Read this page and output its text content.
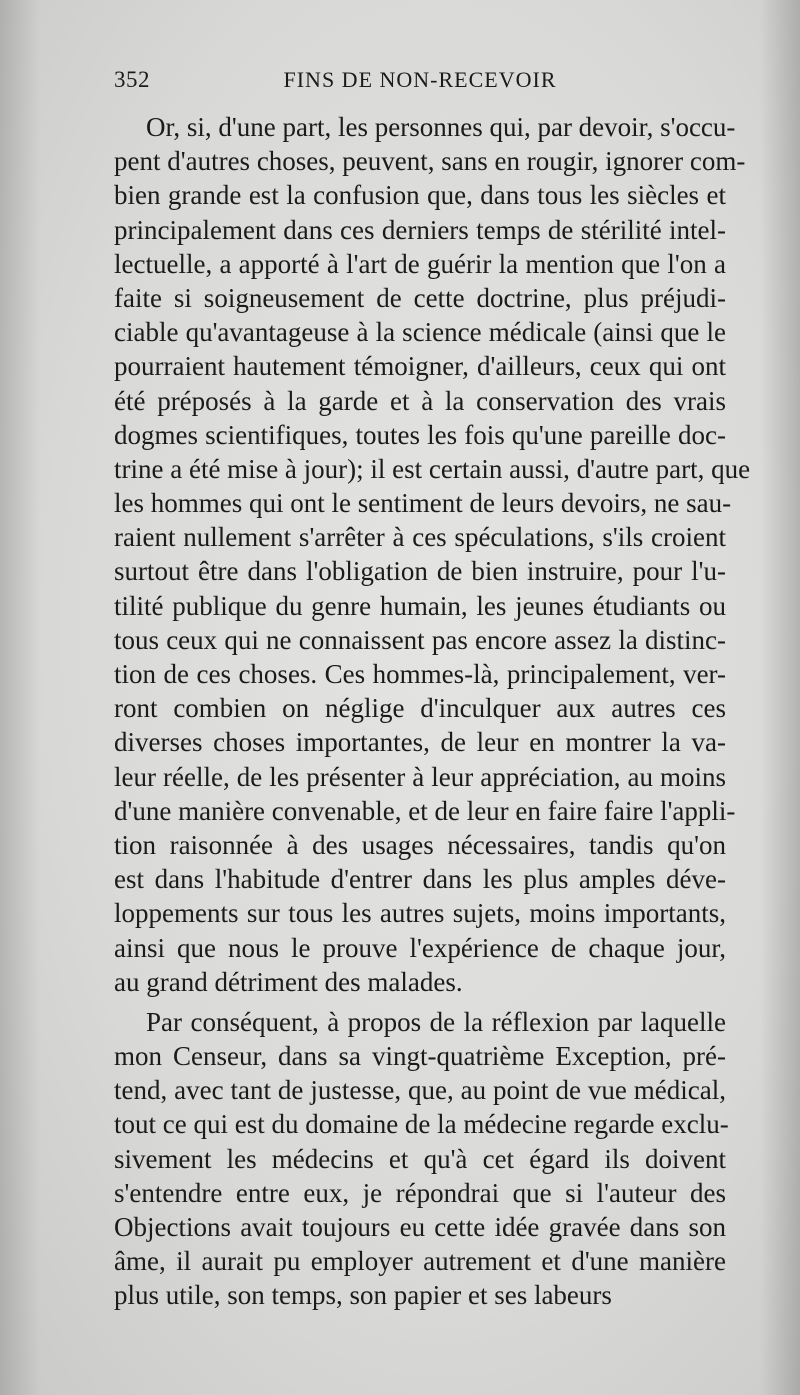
352	FINS DE NON-RECEVOIR
Or, si, d'une part, les personnes qui, par devoir, s'occu-
pent d'autres choses, peuvent, sans en rougir, ignorer com-
bien grande est la confusion que, dans tous les siècles et
principalement dans ces derniers temps de stérilité intel-
lectuelle, a apporté à l'art de guérir la mention que l'on a
faite si soigneusement de cette doctrine, plus préjudi-
ciable qu'avantageuse à la science médicale (ainsi que le
pourraient hautement témoigner, d'ailleurs, ceux qui ont
été préposés à la garde et à la conservation des vrais
dogmes scientifiques, toutes les fois qu'une pareille doc-
trine a été mise à jour); il est certain aussi, d'autre part, que
les hommes qui ont le sentiment de leurs devoirs, ne sau-
raient nullement s'arrêter à ces spéculations, s'ils croient
surtout être dans l'obligation de bien instruire, pour l'u-
tilité publique du genre humain, les jeunes étudiants ou
tous ceux qui ne connaissent pas encore assez la distinc-
tion de ces choses. Ces hommes-là, principalement, ver-
ront combien on néglige d'inculquer aux autres ces
diverses choses importantes, de leur en montrer la va-
leur réelle, de les présenter à leur appréciation, au moins
d'une manière convenable, et de leur en faire faire l'appli-
tion raisonnée à des usages nécessaires, tandis qu'on
est dans l'habitude d'entrer dans les plus amples déve-
loppements sur tous les autres sujets, moins importants,
ainsi que nous le prouve l'expérience de chaque jour,
au grand détriment des malades.
Par conséquent, à propos de la réflexion par laquelle
mon Censeur, dans sa vingt-quatrième Exception, pré-
tend, avec tant de justesse, que, au point de vue médical,
tout ce qui est du domaine de la médecine regarde exclu-
sivement les médecins et qu'à cet égard ils doivent
s'entendre entre eux, je répondrai que si l'auteur des
Objections avait toujours eu cette idée gravée dans son
âme, il aurait pu employer autrement et d'une manière
plus utile, son temps, son papier et ses labeurs
